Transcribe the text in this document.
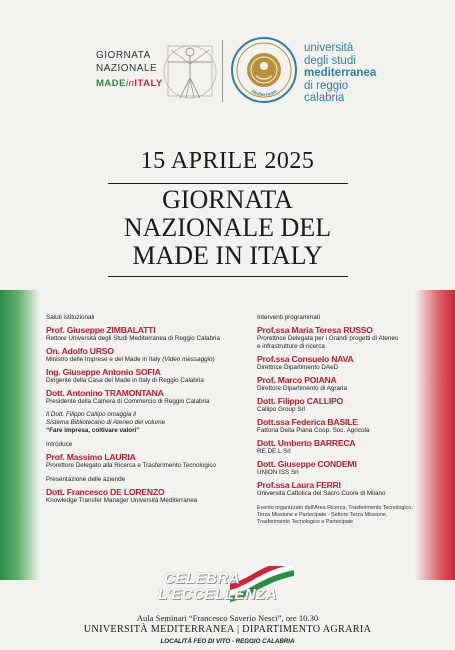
GIORNATA
NAZIONALE
MADEinITALY
Mediterranea
università
degli studi
mediterranea
di reggio
calabria
15 APRILE 2025
GIORNATA
NAZIONALE DEL
MADE IN ITALY
Saluti istituzionali
Prof. Giuseppe ZIMBALATTI
Rettore Università degli Studi Mediterranea di Reggio Calabria
On. Adolfo URSO
Ministro delle Imprese e del Made in Italy (Video messaggio)
Ing. Giuseppe Antonio SOFIA
Dirigente della Casa del Made in Italy di Reggio Calabria
Dott. Antonino TRAMONTANA
Presidente della Camera di Commercio di Reggio Calabria
Il Dott. Filippo Callipo omaggia il
Sistema Bibliotecario di Ateneo del volume
“Fare impresa, coltivare valori”
Introduce
Prof. Massimo LAURIA
Prorettore Delegato alla Ricerca e Trasferimento Tecnologico
Presentazione delle aziende
Dott. Francesco DE LORENZO
Knowledge Transfer Manager Università Mediterranea
Interventi programmati
Prof.ssa Maria Teresa RUSSO
Prorettrice Delegata per i Grandi progetti di Ateneo
e infrastrutture di ricerca
Prof.ssa Consuelo NAVA
Direttrice Dipartimento DAeD
Prof. Marco POIANA
Direttore Dipartimento di Agraria
Dott. Filippo CALLIPO
Callipo Group Srl
Dott.ssa Federica BASILE
Fattoria Della Piana Coop. Soc. Agricola
Dott. Umberto BARRECA
RE.DE.L Srl
Dott. Giuseppe CONDEMI
UNION ISS Srl
Prof.ssa Laura FERRI
Università Cattolica del Sacro Cuore di Milano
Evento organizzato dall’Area Ricerca, Trasferimento Tecnologico,
Terza Missione e Partecipate - Settore Terza Missione,
Trasferimento Tecnologico e Partecipate
CELEBRA
L’ECCELLENZA
Aula Seminari “Francesco Saverio Nesci”, ore 10.30
UNIVERSITÀ MEDITERRANEA | DIPARTIMENTO AGRARIA
LOCALITÀ FEO DI VITO - REGGIO CALABRIA
